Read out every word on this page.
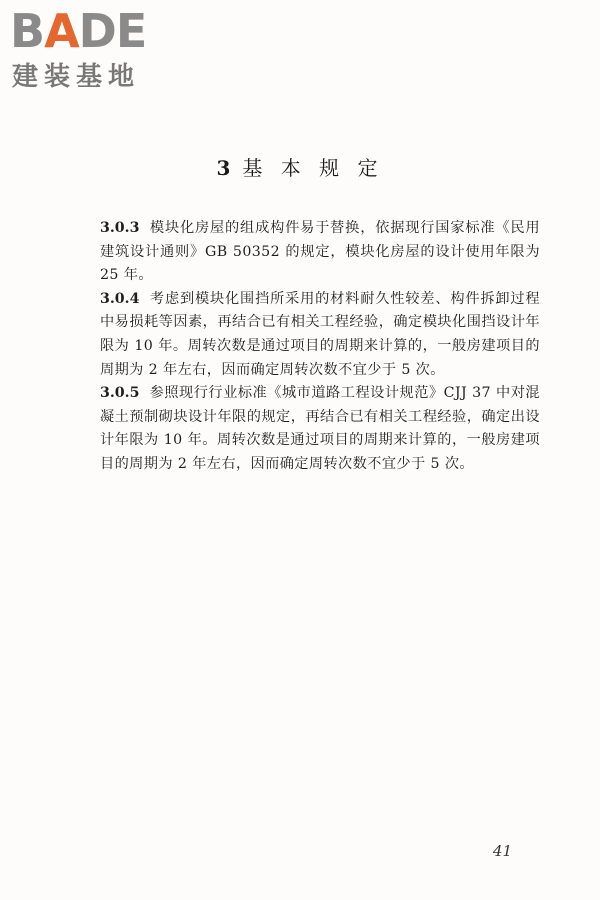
BADE
建装基地
3 基 本 规 定

3.0.3 模块化房屋的组成构件易于替换，依据现行国家标准《民用建筑设计通则》GB 50352 的规定，模块化房屋的设计使用年限为 25 年。

3.0.4 考虑到模块化围挡所采用的材料耐久性较差、构件拆卸过程中易损耗等因素，再结合已有相关工程经验，确定模块化围挡设计年限为 10 年。周转次数是通过项目的周期来计算的，一般房建项目的周期为 2 年左右，因而确定周转次数不宜少于 5 次。

3.0.5 参照现行行业标准《城市道路工程设计规范》CJJ 37 中对混凝土预制砌块设计年限的规定，再结合已有相关工程经验，确定出设计年限为 10 年。周转次数是通过项目的周期来计算的，一般房建项目的周期为 2 年左右，因而确定周转次数不宜少于 5 次。

41
